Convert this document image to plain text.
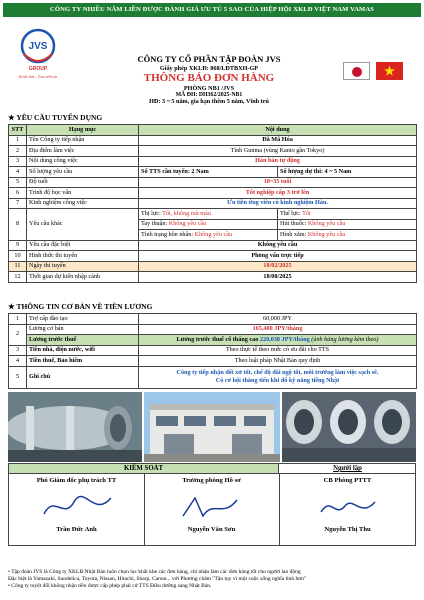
CÔNG TY NHIỀU NĂM LIỀN ĐƯỢC ĐÁNH GIÁ ƯU TÚ 5 SAO CỦA HIỆP HỘI XKLĐ VIỆT NAM VAMAS
JVS
GROUP
Sự tận tâm – Trao niềm tin
CÔNG TY CỔ PHẦN TẬP ĐOÀN JVS
Giấy phép XKLĐ: 868/LĐTBXH-GP
THÔNG BÁO ĐƠN HÀNG
PHÒNG NB1 /JVS
MÃ ĐH: DH362/2025-NB1
HĐ: 3 ~ 5 năm, gia hạn thêm 5 năm, Vĩnh trú
★ YÊU CẦU TUYỂN DỤNG
STT	Hạng mục	Nội dung	
1	Tên Công ty tiếp nhận	Đã Mã Hóa	
2	Địa điểm làm việc	Tỉnh Gunma (vùng Kanto gần Tokyo)	
3	Nội dung công việc	Hàn bán tự động	
4	Số lượng yêu cầu	Số TTS cần tuyển: 2 Nam	Số lượng dự thi: 4 ~ 5 Nam
5	Độ tuổi	18~35 tuổi	
6	Trình độ học vấn	Tốt nghiệp cấp 3 trở lên	
7	Kinh nghiệm công việc	Ưu tiên ứng viên có kinh nghiệm Hàn.	
8	Yêu cầu khác	Thị lực: Tốt, không mù màu	Thể lực: Tốt
		Tay thuận: Không yêu cầu	Hút thuốc: Không yêu cầu
		Tình trạng hôn nhân: Không yêu cầu	Hình xăm: Không yêu cầu
9	Yêu cầu đặc biệt	Không yêu cầu	
10	Hình thức thi tuyển	Phỏng vấn trực tiếp	
11	Ngày thi tuyển	18/02/2025	
12	Thời gian dự kiến nhập cảnh	18/08/2025	
★ THÔNG TIN CƠ BẢN VỀ TIỀN LƯƠNG
1	Trợ cấp đào tạo	60,000 JPY
2	Lương cơ bản	165,480 JPY/tháng
	Lương trước thuế	Lương trước thuế cố tháng cao 220,038 JPY/tháng (ảnh bảng lương kèm theo)
3	Tiền nhà, điện nước, wifi	Theo thực tế theo mức có ưu đãi cho TTS
4	Tiền thuế, Bảo hiểm	Theo luật pháp Nhật Bản quy định
5	Ghi chú	Công ty tiếp nhận đối xử tốt, chế độ đãi ngộ tốt, môi trường làm việc sạch sẽ.
Có cơ hội thăng tiến khi đổ kỹ năng tiếng Nhật
KIỂM SOÁT	Người lập
Phó Giám đốc phụ trách TT	Trưởng phòng Hồ sơ	CB Phòng PTTT
Trần Đức Anh	Nguyễn Văn Sơn	Nguyễn Thị Thu
• Tập đoàn JVS là Công ty XKLĐ Nhật Bản luôn chọn lọc khắt khe các đơn hàng, chỉ nhận làm các đơn hàng tốt cho người lao động
Đặc biệt là Yamazaki, Sundelica, Toyota, Nissan, Hitachi, Sharp, Canon... với Phương châm "Tận tụy vì một cuộc sống nghĩa tình hơn"
• Công ty tuyệt đối không nhận tiền được cấp phép phải cứ TTS Điều dưỡng sang Nhật Bản.
